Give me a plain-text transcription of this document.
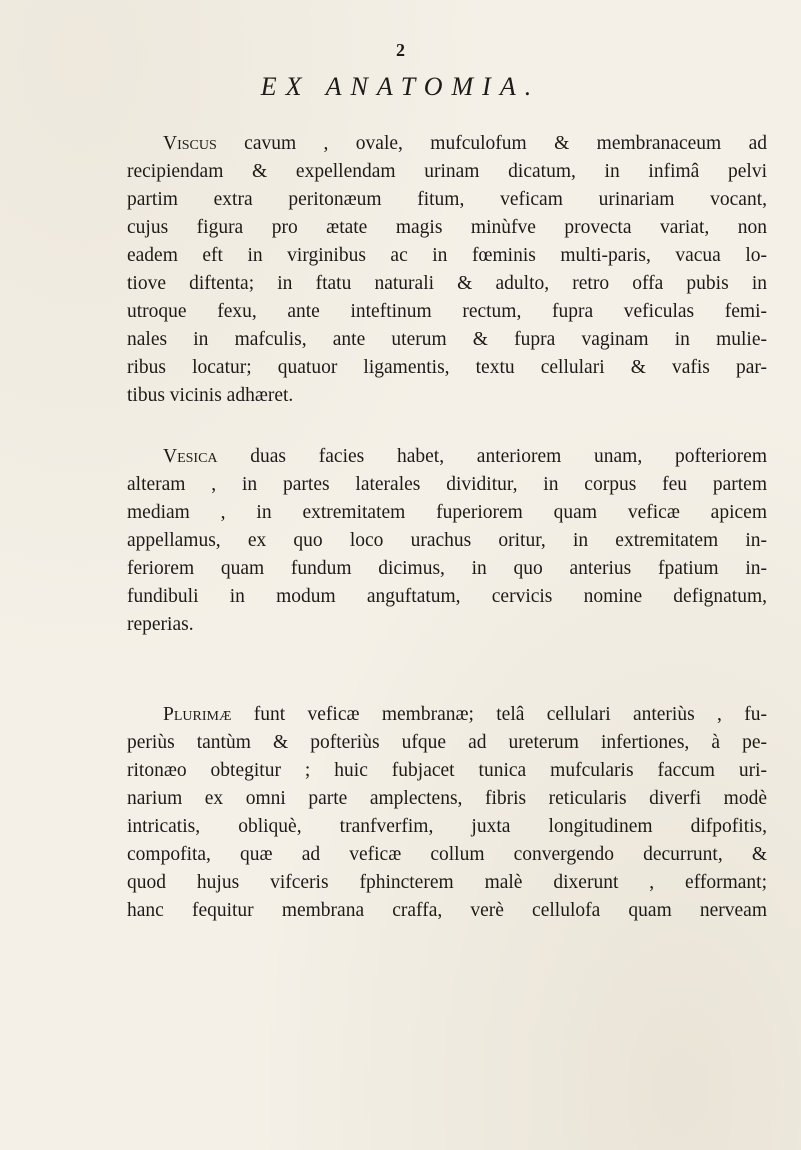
2
EX ANATOMIA.
Viscus cavum , ovale, mufculofum & membranaceum ad
recipiendam & expellendam urinam dicatum, in infimâ pelvi
partim extra peritonæum fitum, veficam urinariam vocant,
cujus figura pro ætate magis minùfve provecta variat, non
eadem eft in virginibus ac in fœminis multi-paris, vacua lo-
tiove diftenta; in ftatu naturali & adulto, retro offa pubis in
utroque fexu, ante inteftinum rectum, fupra veficulas femi-
nales in mafculis, ante uterum & fupra vaginam in mulie-
ribus locatur; quatuor ligamentis, textu cellulari & vafis par-
tibus vicinis adhæret.
Vesica duas facies habet, anteriorem unam, pofteriorem
alteram , in partes laterales dividitur, in corpus feu partem
mediam , in extremitatem fuperiorem quam veficæ apicem
appellamus, ex quo loco urachus oritur, in extremitatem in-
feriorem quam fundum dicimus, in quo anterius fpatium in-
fundibuli in modum anguftatum, cervicis nomine defignatum,
reperias.
Plurimæ funt veficæ membranæ; telâ cellulari anteriùs , fu-
periùs tantùm & pofteriùs ufque ad ureterum infertiones, à pe-
ritonæo obtegitur ; huic fubjacet tunica mufcularis faccum uri-
narium ex omni parte amplectens, fibris reticularis diverfi modè
intricatis, obliquè, tranfverfim, juxta longitudinem difpofitis,
compofita, quæ ad veficæ collum convergendo decurrunt, &
quod hujus vifceris fphincterem malè dixerunt , efformant;
hanc fequitur membrana craffa, verè cellulofa quam nerveam
